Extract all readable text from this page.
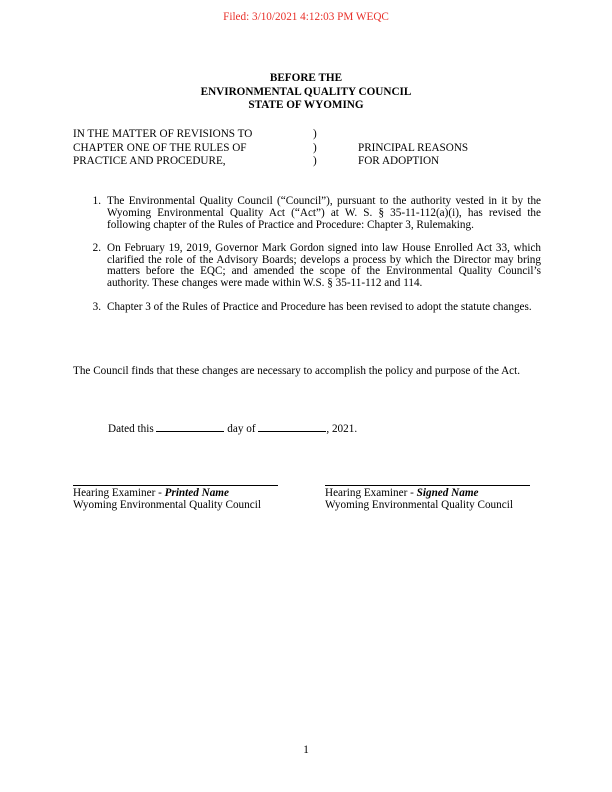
Filed: 3/10/2021 4:12:03 PM WEQC
BEFORE THE
ENVIRONMENTAL QUALITY COUNCIL
STATE OF WYOMING
IN THE MATTER OF REVISIONS TO	)
CHAPTER ONE OF THE RULES OF	)	PRINCIPAL REASONS
PRACTICE AND PROCEDURE,	)	FOR ADOPTION
1. The Environmental Quality Council (“Council”), pursuant to the authority vested in it by the Wyoming Environmental Quality Act (“Act”) at W. S. § 35-11-112(a)(i), has revised the following chapter of the Rules of Practice and Procedure: Chapter 3, Rulemaking.
2. On February 19, 2019, Governor Mark Gordon signed into law House Enrolled Act 33, which clarified the role of the Advisory Boards; develops a process by which the Director may bring matters before the EQC; and amended the scope of the Environmental Quality Council’s authority. These changes were made within W.S. § 35-11-112 and 114.
3. Chapter 3 of the Rules of Practice and Procedure has been revised to adopt the statute changes.
The Council finds that these changes are necessary to accomplish the policy and purpose of the Act.
Dated this	day of	, 2021.
Hearing Examiner - Printed Name
Wyoming Environmental Quality Council
Hearing Examiner - Signed Name
Wyoming Environmental Quality Council
1
